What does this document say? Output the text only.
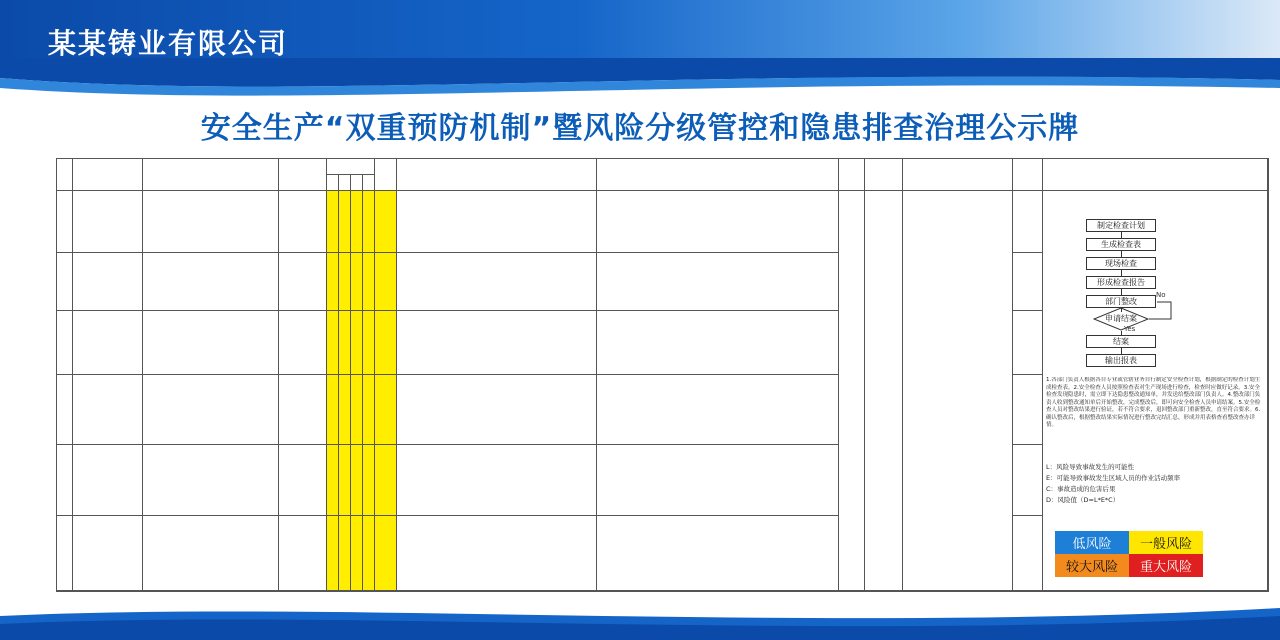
某某铸业有限公司
安全生产“双重预防机制”暨风险分级管控和隐患排查治理公示牌
制定检查计划
生成检查表
现场检查
形成检查报告
部门整改
申请结案
结案
输出报表
No
Yes
1.各部门负责人根据各自专业或管辖业务自行制定安全检查计划，根据制定的检查计划生成检查表。2.安全检查人员按照检查表对生产现场进行检查，检查时应做好记录。3.安全检查发现隐患时，需立即下达隐患整改通知单，并发送给整改部门负责人。4.整改部门负责人收到整改通知单后开始整改，完成整改后，即可向安全检查人员申请结案。5.安全检查人员对整改结果进行验证，若不符合要求，退回整改部门重新整改，直至符合要求。6.确认整改后，根据整改结果实际情况进行整改完结汇总，形成并用表格查看整改查办详情。
L：风险导致事故发生的可能性
E：可能导致事故发生区域人员的作业活动频率
C：事故造成的危害后果
D：风险值（D=L*E*C）
低风险	一般风险
较大风险	重大风险
